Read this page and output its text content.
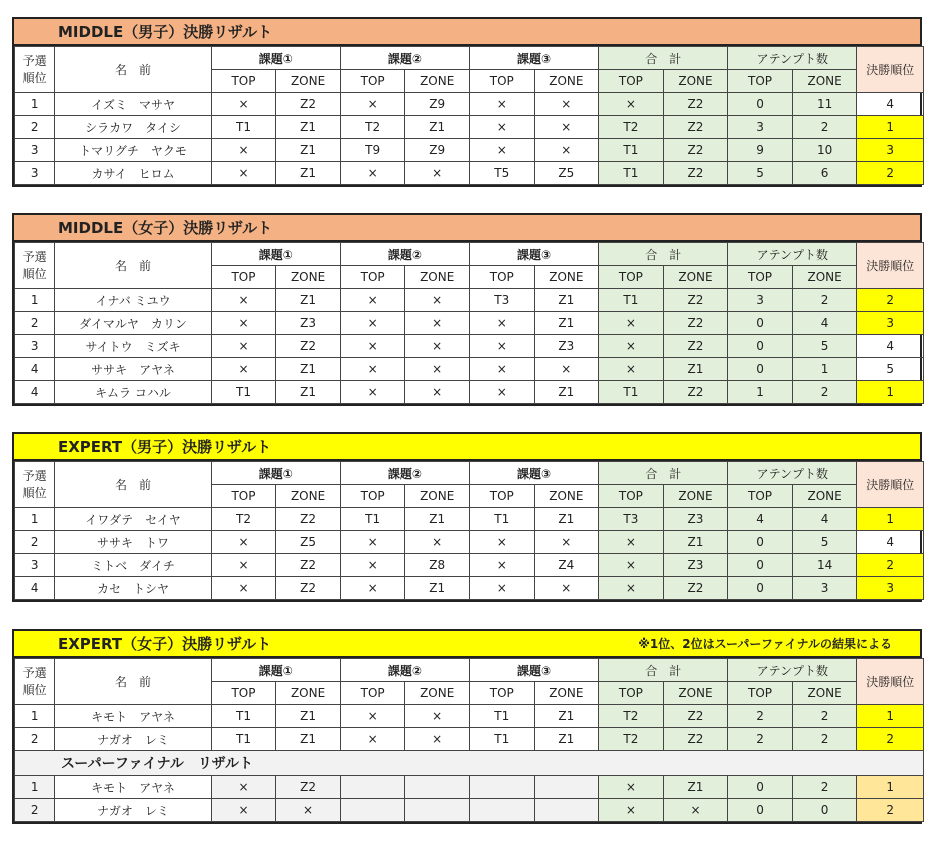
MIDDLE（男子）決勝リザルト
予選
順位	名　前	課題①		課題②		課題③		合　計		アテンプト数		決勝順位
		TOP	ZONE	TOP	ZONE	TOP	ZONE	TOP	ZONE	TOP	ZONE	
1	イズミ　マサヤ	×	Z2	×	Z9	×	×	×	Z2	0	11	4
2	シラカワ　タイシ	T1	Z1	T2	Z1	×	×	T2	Z2	3	2	1
3	トマリグチ　ヤクモ	×	Z1	T9	Z9	×	×	T1	Z2	9	10	3
3	カサイ　ヒロム	×	Z1	×	×	T5	Z5	T1	Z2	5	6	2
MIDDLE（女子）決勝リザルト
予選
順位	名　前	課題①		課題②		課題③		合　計		アテンプト数		決勝順位
		TOP	ZONE	TOP	ZONE	TOP	ZONE	TOP	ZONE	TOP	ZONE	
1	イナバ ミユウ	×	Z1	×	×	T3	Z1	T1	Z2	3	2	2
2	ダイマルヤ　カリン	×	Z3	×	×	×	Z1	×	Z2	0	4	3
3	サイトウ　ミズキ	×	Z2	×	×	×	Z3	×	Z2	0	5	4
4	ササキ　アヤネ	×	Z1	×	×	×	×	×	Z1	0	1	5
4	キムラ コハル	T1	Z1	×	×	×	Z1	T1	Z2	1	2	1
EXPERT（男子）決勝リザルト
予選
順位	名　前	課題①		課題②		課題③		合　計		アテンプト数		決勝順位
		TOP	ZONE	TOP	ZONE	TOP	ZONE	TOP	ZONE	TOP	ZONE	
1	イワダテ　セイヤ	T2	Z2	T1	Z1	T1	Z1	T3	Z3	4	4	1
2	ササキ　トワ	×	Z5	×	×	×	×	×	Z1	0	5	4
3	ミトベ　ダイチ	×	Z2	×	Z8	×	Z4	×	Z3	0	14	2
4	カセ　トシヤ	×	Z2	×	Z1	×	×	×	Z2	0	3	3
EXPERT（女子）決勝リザルト	※1位、2位はスーパーファイナルの結果による
予選
順位	名　前	課題①		課題②		課題③		合　計		アテンプト数		決勝順位
		TOP	ZONE	TOP	ZONE	TOP	ZONE	TOP	ZONE	TOP	ZONE	
1	キモト　アヤネ	T1	Z1	×	×	T1	Z1	T2	Z2	2	2	1
2	ナガオ　レミ	T1	Z1	×	×	T1	Z1	T2	Z2	2	2	2
スーパーファイナル　リザルト												
1	キモト　アヤネ	×	Z2					×	Z1	0	2	1
2	ナガオ　レミ	×	×					×	×	0	0	2
